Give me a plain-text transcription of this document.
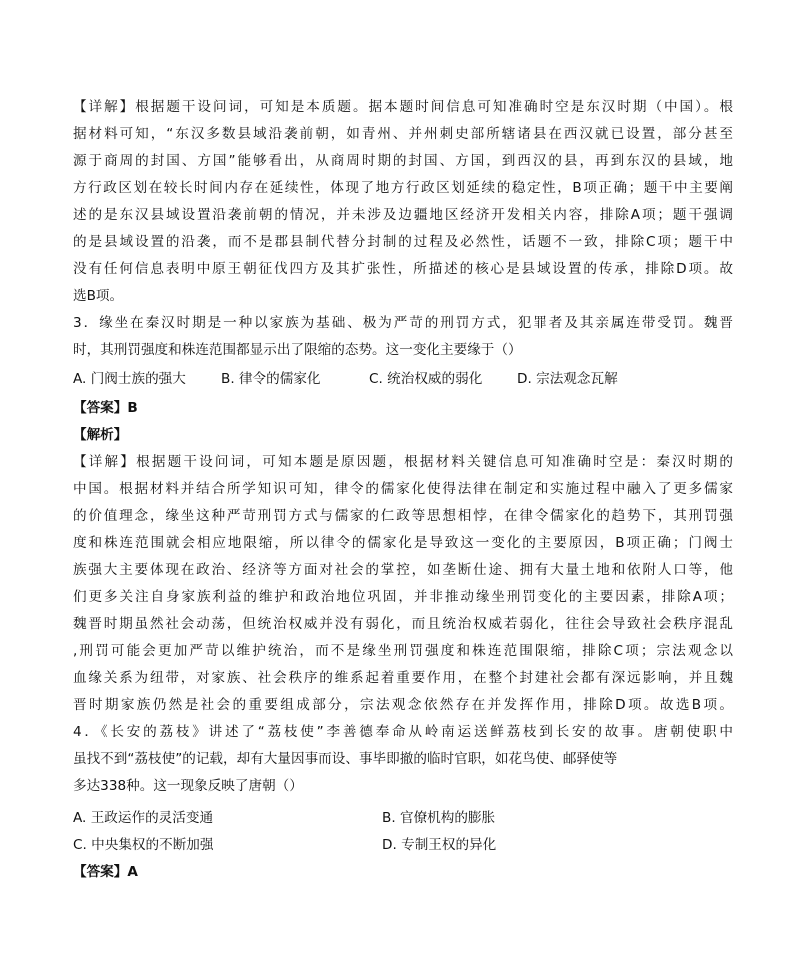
【详解】根据题干设问词，可知是本质题。据本题时间信息可知准确时空是东汉时期（中国）。根
据材料可知，“东汉多数县域沿袭前朝，如青州、并州刺史部所辖诸县在西汉就已设置，部分甚至
源于商周的封国、方国”能够看出，从商周时期的封国、方国，到西汉的县，再到东汉的县域，地
方行政区划在较长时间内存在延续性，体现了地方行政区划延续的稳定性，B项正确；题干中主要阐
述的是东汉县域设置沿袭前朝的情况，并未涉及边疆地区经济开发相关内容，排除A项；题干强调
的是县域设置的沿袭，而不是郡县制代替分封制的过程及必然性，话题不一致，排除C项；题干中
没有任何信息表明中原王朝征伐四方及其扩张性，所描述的核心是县域设置的传承，排除D项。故
选B项。
3．缘坐在秦汉时期是一种以家族为基础、极为严苛的刑罚方式，犯罪者及其亲属连带受罚。魏晋
时，其刑罚强度和株连范围都显示出了限缩的态势。这一变化主要缘于（）
A. 门阀士族的强大	B. 律令的儒家化	C. 统治权威的弱化	D. 宗法观念瓦解
【答案】B
【解析】
【详解】根据题干设问词，可知本题是原因题，根据材料关键信息可知准确时空是：秦汉时期的
中国。根据材料并结合所学知识可知，律令的儒家化使得法律在制定和实施过程中融入了更多儒家
的价值理念，缘坐这种严苛刑罚方式与儒家的仁政等思想相悖，在律令儒家化的趋势下，其刑罚强
度和株连范围就会相应地限缩，所以律令的儒家化是导致这一变化的主要原因，B项正确；门阀士
族强大主要体现在政治、经济等方面对社会的掌控，如垄断仕途、拥有大量土地和依附人口等，他
们更多关注自身家族利益的维护和政治地位巩固，并非推动缘坐刑罚变化的主要因素，排除A项；
魏晋时期虽然社会动荡，但统治权威并没有弱化，而且统治权威若弱化，往往会导致社会秩序混乱
,刑罚可能会更加严苛以维护统治，而不是缘坐刑罚强度和株连范围限缩，排除C项；宗法观念以
血缘关系为纽带，对家族、社会秩序的维系起着重要作用，在整个封建社会都有深远影响，并且魏
晋时期家族仍然是社会的重要组成部分，宗法观念依然存在并发挥作用，排除D项。故选B项。
4．《长安的荔枝》讲述了“荔枝使”李善德奉命从岭南运送鲜荔枝到长安的故事。唐朝使职中
虽找不到“荔枝使”的记载，却有大量因事而设、事毕即撤的临时官职，如花鸟使、邮驿使等
多达338种。这一现象反映了唐朝（）
A. 王政运作的灵活变通	B. 官僚机构的膨胀
C. 中央集权的不断加强	D. 专制王权的异化
【答案】A
